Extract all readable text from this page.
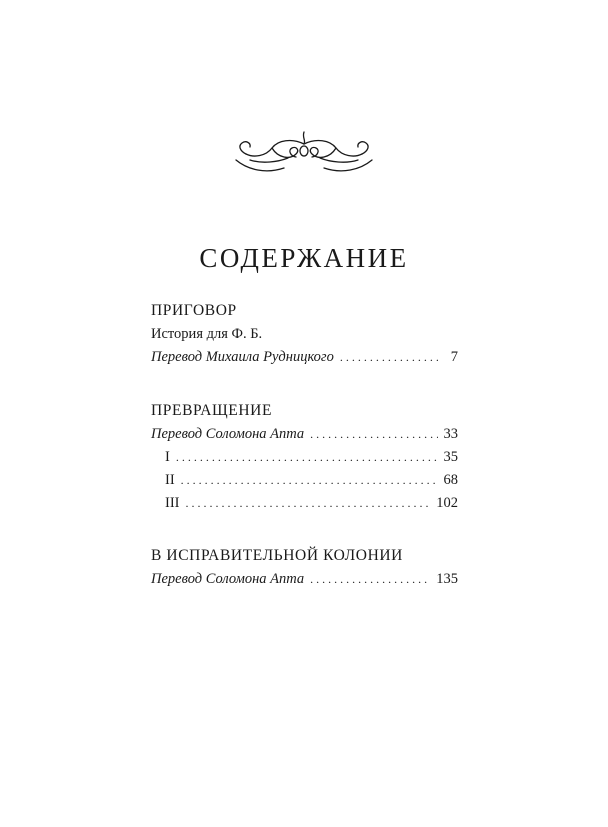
СОДЕРЖАНИЕ
ПРИГОВОР
История для Ф. Б.
Перевод Михаила Рудницкого . . .	7
ПРЕВРАЩЕНИЕ
Перевод Соломона Апта . . .	33
I . . .	35
II . . .	68
III . . .	102
В ИСПРАВИТЕЛЬНОЙ КОЛОНИИ
Перевод Соломона Апта . . .	135
